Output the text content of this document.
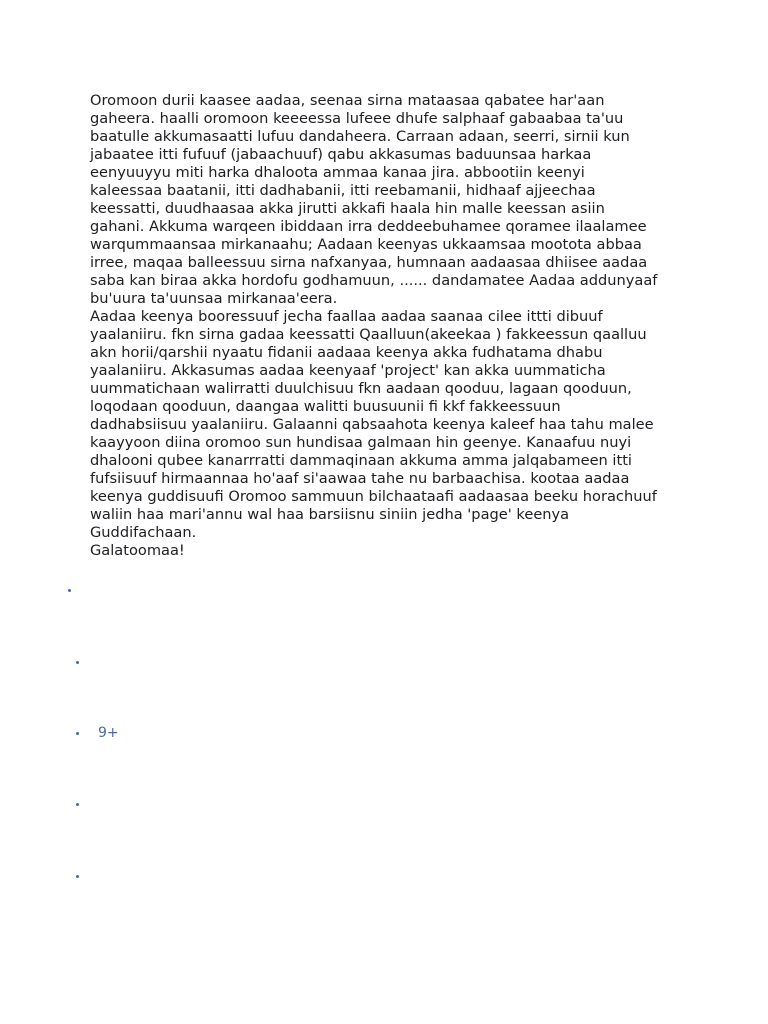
Oromoon durii kaasee aadaa, seenaa sirna mataasaa qabatee har'aan
gaheera. haalli oromoon keeeessa lufeee dhufe salphaaf gabaabaa ta'uu
baatulle akkumasaatti lufuu dandaheera. Carraan adaan, seerri, sirnii kun
jabaatee itti fufuuf (jabaachuuf) qabu akkasumas baduunsaa harkaa
eenyuuyyu miti harka dhaloota ammaa kanaa jira. abbootiin keenyi
kaleessaa baatanii, itti dadhabanii, itti reebamanii, hidhaaf ajjeechaa
keessatti, duudhaasaa akka jirutti akkafi haala hin malle keessan asiin
gahani. Akkuma warqeen ibiddaan irra deddeebuhamee qoramee ilaalamee
warqummaansaa mirkanaahu; Aadaan keenyas ukkaamsaa mootota abbaa
irree, maqaa balleessuu sirna nafxanyaa, humnaan aadaasaa dhiisee aadaa
saba kan biraa akka hordofu godhamuun, ...... dandamatee Aadaa addunyaaf
bu'uura ta'uunsaa mirkanaa'eera.

Aadaa keenya booressuuf jecha faallaa aadaa saanaa cilee ittti dibuuf
yaalaniiru. fkn sirna gadaa keessatti Qaalluun(akeekaa ) fakkeessun qaalluu
akn horii/qarshii nyaatu fidanii aadaaa keenya akka fudhatama dhabu
yaalaniiru. Akkasumas aadaa keenyaaf 'project' kan akka uummaticha
uummatichaan walirratti duulchisuu fkn aadaan qooduu, lagaan qooduun,
loqodaan qooduun, daangaa walitti buusuunii fi kkf fakkeessuun
dadhabsiisuu yaalaniiru. Galaanni qabsaahota keenya kaleef haa tahu malee
kaayyoon diina oromoo sun hundisaa galmaan hin geenye. Kanaafuu nuyi
dhalooni qubee kanarrratti dammaqinaan akkuma amma jalqabameen itti
fufsiisuuf hirmaannaa ho'aaf si'aawaa tahe nu barbaachisa. kootaa aadaa
keenya guddisuufi Oromoo sammuun bilchaataafi aadaasaa beeku horachuuf
waliin haa mari'annu wal haa barsiisnu siniin jedha 'page' keenya
Guddifachaan.

Galatoomaa!

9+
